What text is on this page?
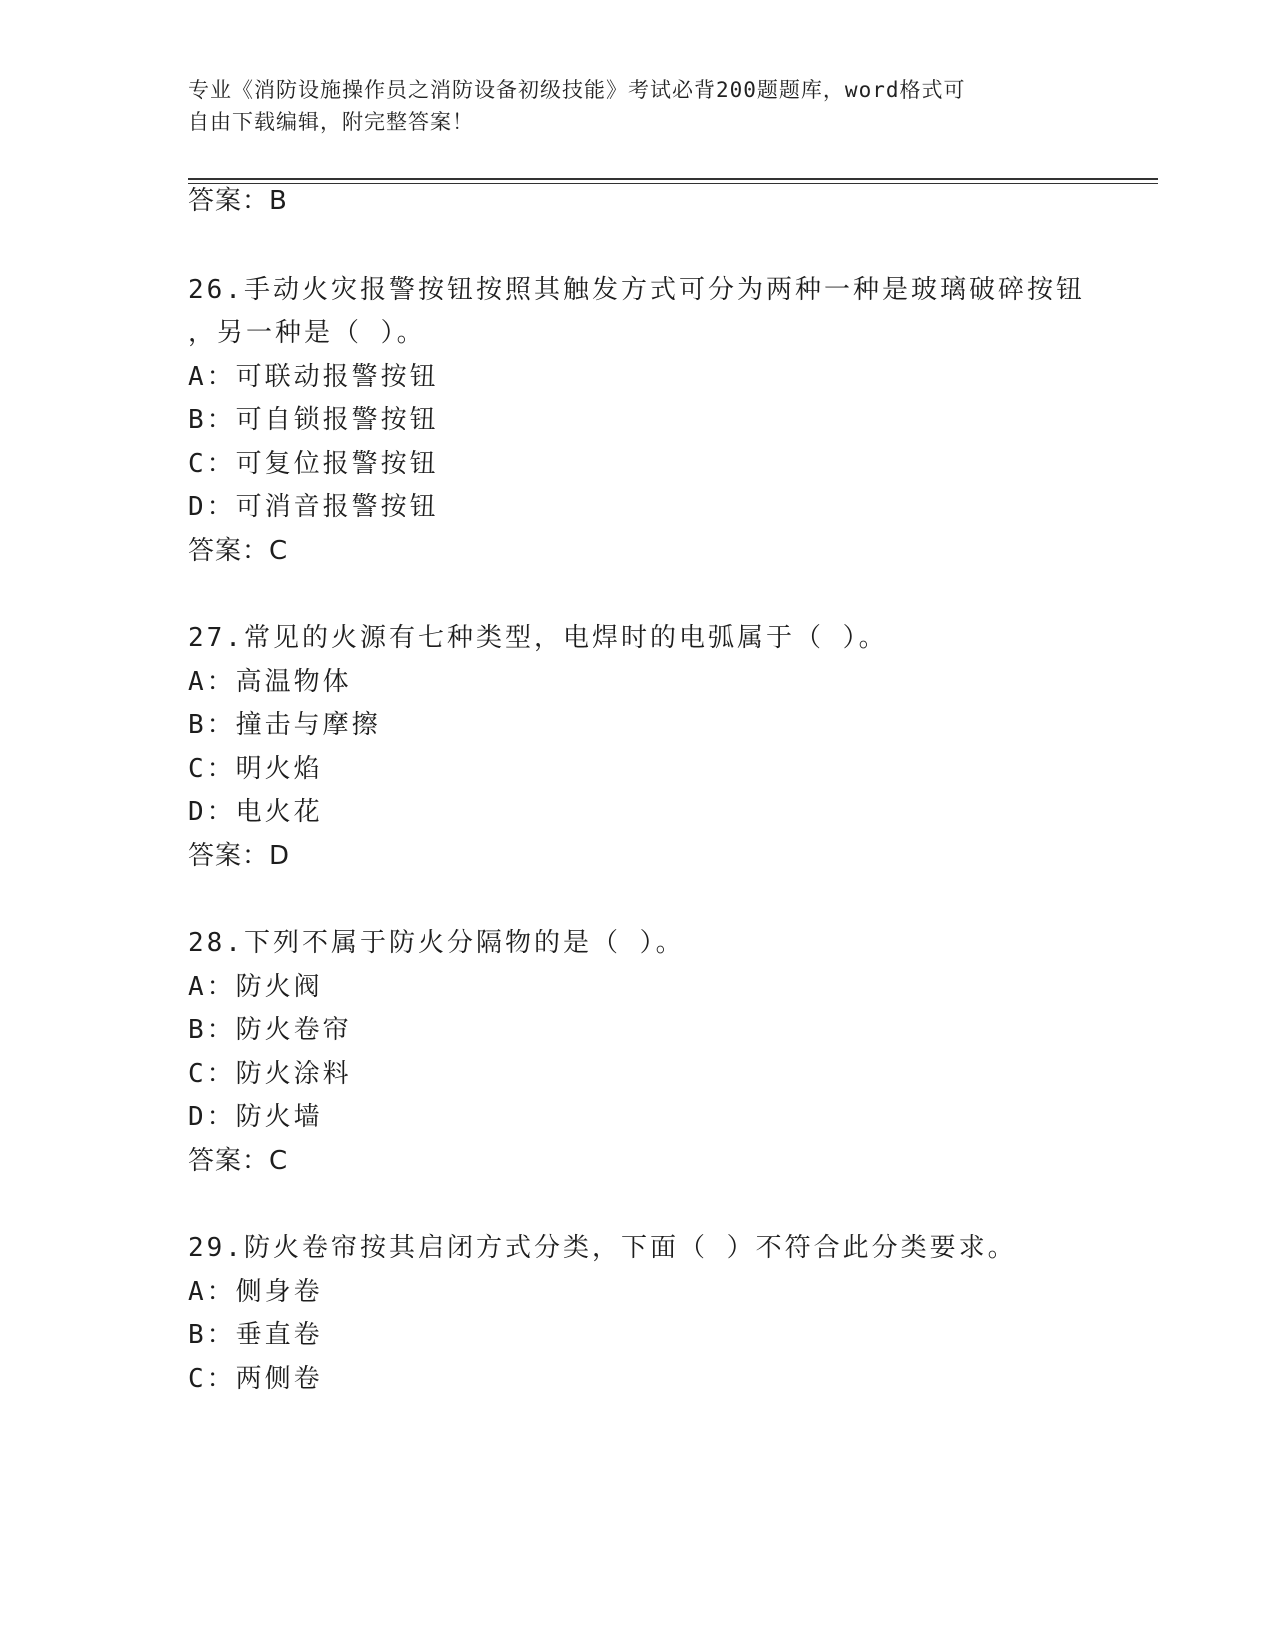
专业《消防设施操作员之消防设备初级技能》考试必背200题题库，word格式可
自由下载编辑，附完整答案！
答案：B
26.手动火灾报警按钮按照其触发方式可分为两种一种是玻璃破碎按钮
，另一种是（ ）。
A：可联动报警按钮
B：可自锁报警按钮
C：可复位报警按钮
D：可消音报警按钮
答案：C
27.常见的火源有七种类型，电焊时的电弧属于（ ）。
A：高温物体
B：撞击与摩擦
C：明火焰
D：电火花
答案：D
28.下列不属于防火分隔物的是（ ）。
A：防火阀
B：防火卷帘
C：防火涂料
D：防火墙
答案：C
29.防火卷帘按其启闭方式分类，下面（ ）不符合此分类要求。
A：侧身卷
B：垂直卷
C：两侧卷
